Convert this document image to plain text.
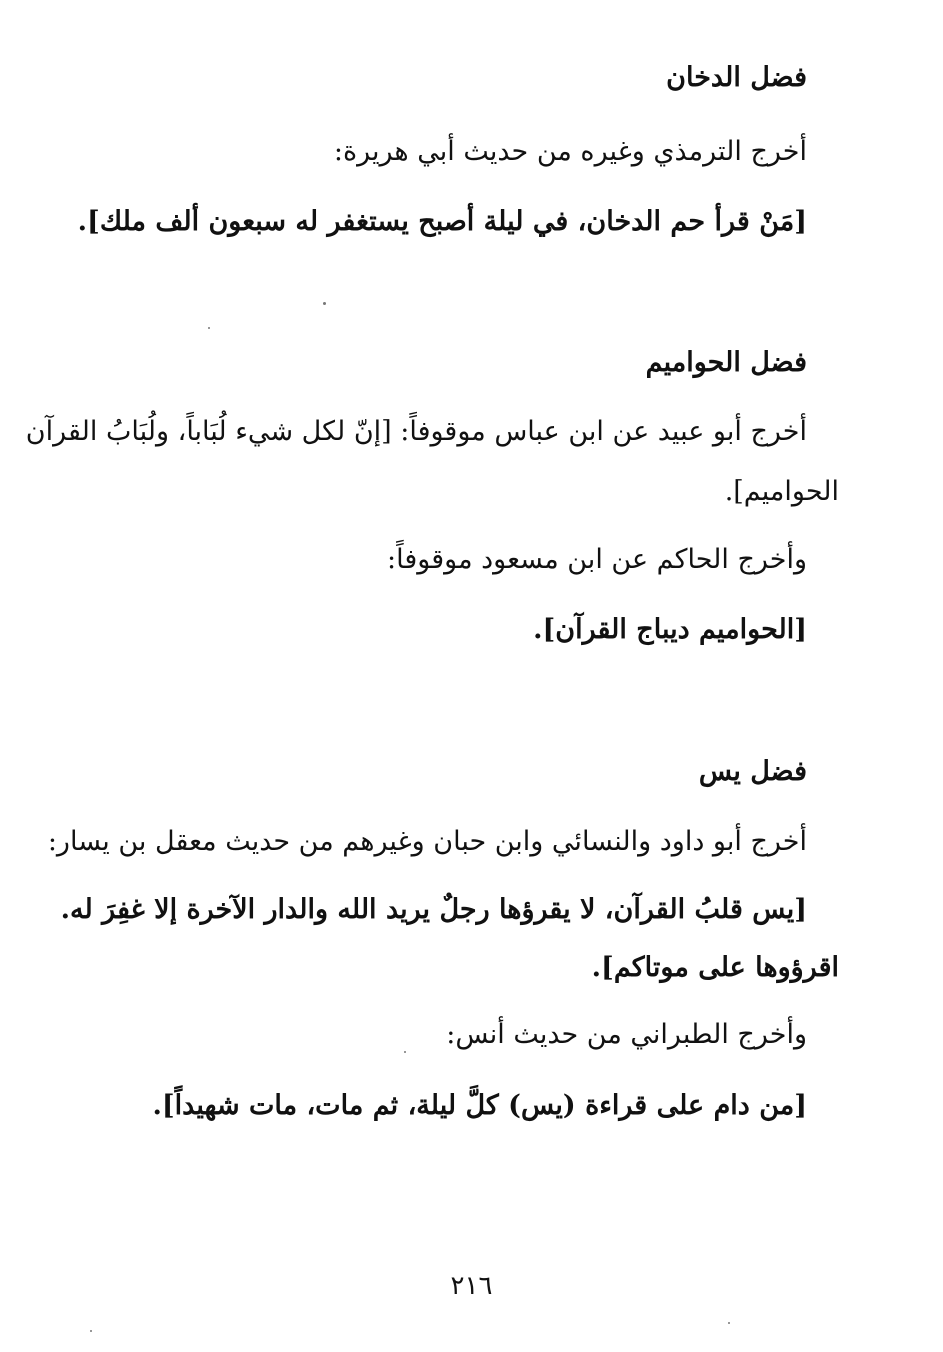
فضل الدخان
أخرج الترمذي وغيره من حديث أبي هريرة:
[مَنْ قرأ حم الدخان، في ليلة أصبح يستغفر له سبعون ألف ملك].
فضل الحواميم
أخرج أبو عبيد عن ابن عباس موقوفاً: [إنّ لكل شيء لُبَاباً، ولُبَابُ القرآن
الحواميم].
وأخرج الحاكم عن ابن مسعود موقوفاً:
[الحواميم ديباج القرآن].
فضل يس
أخرج أبو داود والنسائي وابن حبان وغيرهم من حديث معقل بن يسار:
[يس قلبُ القرآن، لا يقرؤها رجلٌ يريد الله والدار الآخرة إلا غفِرَ له.
اقرؤوها على موتاكم].
وأخرج الطبراني من حديث أنس:
[من دام على قراءة (يس) كلَّ ليلة، ثم مات، مات شهيداً].
٢١٦
